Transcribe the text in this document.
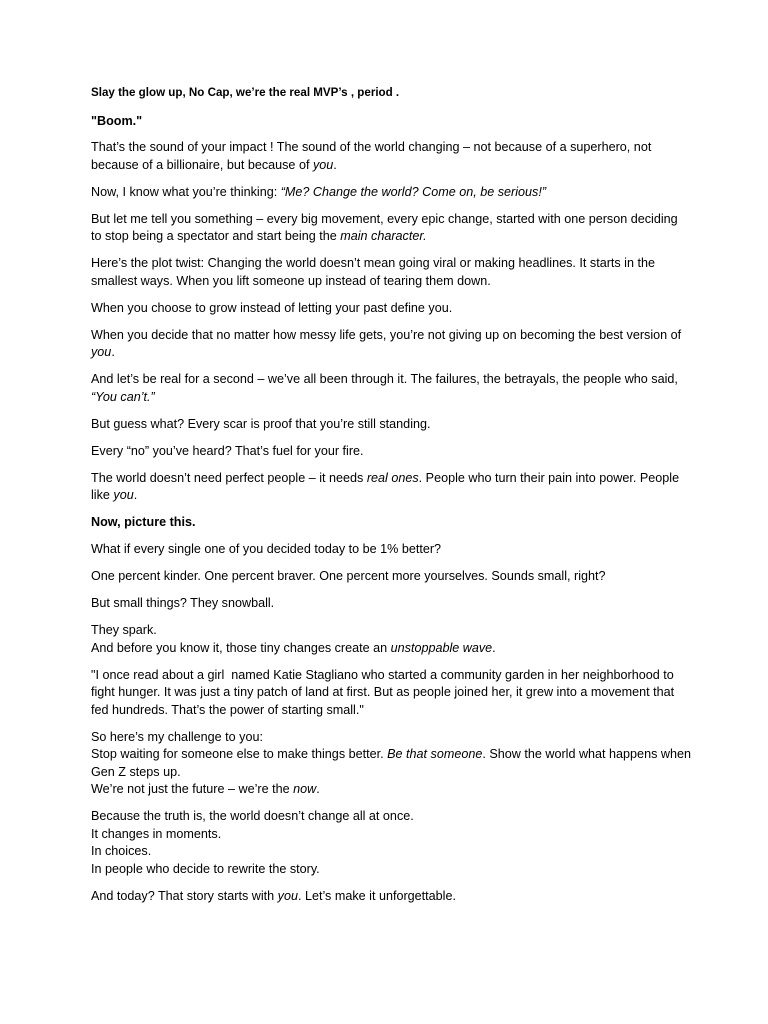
Slay the glow up, No Cap, we’re the real MVP’s , period .

"Boom."

That’s the sound of your impact ! The sound of the world changing – not because of a superhero, not because of a billionaire, but because of you.

Now, I know what you’re thinking: “Me? Change the world? Come on, be serious!”

But let me tell you something – every big movement, every epic change, started with one person deciding to stop being a spectator and start being the main character.

Here’s the plot twist: Changing the world doesn’t mean going viral or making headlines. It starts in the smallest ways. When you lift someone up instead of tearing them down.

When you choose to grow instead of letting your past define you.

When you decide that no matter how messy life gets, you’re not giving up on becoming the best version of you.

And let’s be real for a second – we’ve all been through it. The failures, the betrayals, the people who said, “You can’t.”

But guess what? Every scar is proof that you’re still standing.

Every “no” you’ve heard? That’s fuel for your fire.

The world doesn’t need perfect people – it needs real ones. People who turn their pain into power. People like you.

Now, picture this.

What if every single one of you decided today to be 1% better?

One percent kinder. One percent braver. One percent more yourselves. Sounds small, right?

But small things? They snowball.

They spark.
And before you know it, those tiny changes create an unstoppable wave.

"I once read about a girl  named Katie Stagliano who started a community garden in her neighborhood to fight hunger. It was just a tiny patch of land at first. But as people joined her, it grew into a movement that fed hundreds. That’s the power of starting small."

So here’s my challenge to you:
Stop waiting for someone else to make things better. Be that someone. Show the world what happens when Gen Z steps up.
We’re not just the future – we’re the now.

Because the truth is, the world doesn’t change all at once.
It changes in moments.
In choices.
In people who decide to rewrite the story.

And today? That story starts with you. Let’s make it unforgettable.
